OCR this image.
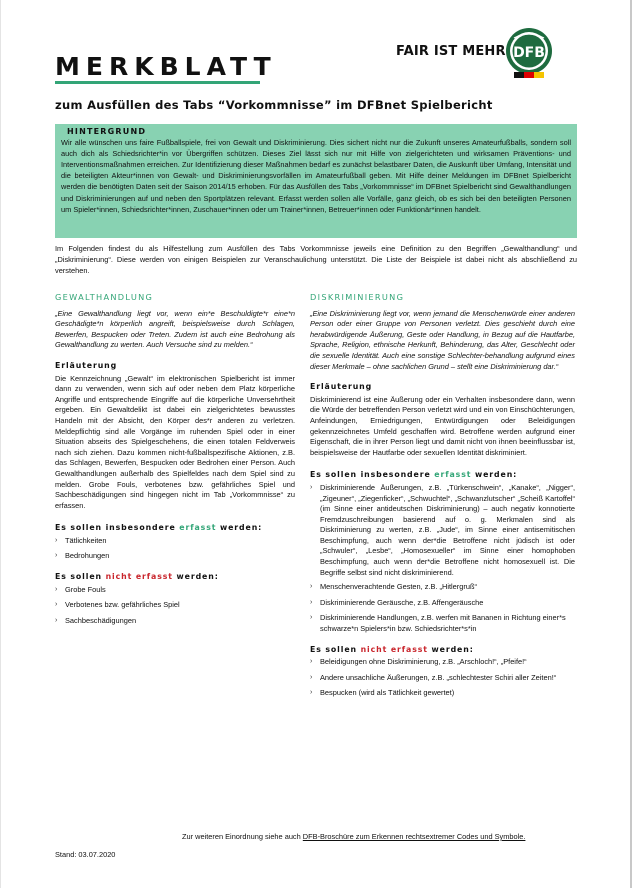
MERKBLATT
zum Ausfüllen des Tabs “Vorkommnisse” im DFBnet Spielbericht
FAIR IST MEHR DFB
HINTERGRUND
Wir alle wünschen uns faire Fußballspiele, frei von Gewalt und Diskriminierung. Dies sichert nicht nur die Zukunft unseres Amateurfußballs, sondern soll auch dich als Schiedsrichter*in vor Übergriffen schützen. Dieses Ziel lässt sich nur mit Hilfe von zielgerichteten und wirksamen Präventions- und Interventionsmaßnahmen erreichen. Zur Identifizierung dieser Maßnahmen bedarf es zunächst belastbarer Daten, die Auskunft über Umfang, Intensität und die beteiligten Akteur*innen von Gewalt- und Diskriminierungsvorfällen im Amateurfußball geben. Mit Hilfe deiner Meldungen im DFBnet Spielbericht werden die benötigten Daten seit der Saison 2014/15 erhoben. Für das Ausfüllen des Tabs „Vorkommnisse“ im DFBnet Spielbericht sind Gewalthandlungen und Diskriminierungen auf und neben den Sportplätzen relevant. Erfasst werden sollen alle Vorfälle, ganz gleich, ob es sich bei den beteiligten Personen um Spieler*innen, Schiedsrichter*innen, Zuschauer*innen oder um Trainer*innen, Betreuer*innen oder Funktionär*innen handelt.
Im Folgenden findest du als Hilfestellung zum Ausfüllen des Tabs Vorkommnisse jeweils eine Definition zu den Begriffen „Gewalthandlung“ und „Diskriminierung“. Diese werden von einigen Beispielen zur Veranschaulichung unterstützt. Die Liste der Beispiele ist dabei nicht als abschließend zu verstehen.
GEWALTHANDLUNG
„Eine Gewalthandlung liegt vor, wenn ein*e Beschuldigte*r eine*n Geschädigte*n körperlich angreift, beispielsweise durch Schlagen, Bewerfen, Bespucken oder Treten. Zudem ist auch eine Bedrohung als Gewalthandlung zu werten. Auch Versuche sind zu melden.“
Erläuterung
Die Kennzeichnung „Gewalt“ im elektronischen Spielbericht ist immer dann zu verwenden, wenn sich auf oder neben dem Platz körperliche Angriffe und entsprechende Eingriffe auf die körperliche Unversehrtheit ergeben. Ein Gewaltdelikt ist dabei ein zielgerichtetes bewusstes Handeln mit der Absicht, den Körper des*r anderen zu verletzen. Meldepflichtig sind alle Vorgänge im ruhenden Spiel oder in einer Situation abseits des Spielgeschehens, die einen totalen Feldverweis nach sich ziehen. Dazu kommen nicht-fußballspezifische Aktionen, z.B. das Schlagen, Bewerfen, Bespucken oder Bedrohen einer Person. Auch Gewalthandlungen außerhalb des Spielfeldes nach dem Spiel sind zu melden. Grobe Fouls, verbotenes bzw. gefährliches Spiel und Sachbeschädigungen sind hingegen nicht im Tab „Vorkommnisse“ zu erfassen.
Es sollen insbesondere erfasst werden:
› Tätlichkeiten
› Bedrohungen
Es sollen nicht erfasst werden:
› Grobe Fouls
› Verbotenes bzw. gefährliches Spiel
› Sachbeschädigungen
DISKRIMINIERUNG
„Eine Diskriminierung liegt vor, wenn jemand die Menschenwürde einer anderen Person oder einer Gruppe von Personen verletzt. Dies geschieht durch eine herabwürdigende Äußerung, Geste oder Handlung, in Bezug auf die Hautfarbe, Sprache, Religion, ethnische Herkunft, Behinderung, das Alter, Geschlecht oder die sexuelle Identität. Auch eine sonstige Schlechter-behandlung aufgrund eines dieser Merkmale – ohne sachlichen Grund – stellt eine Diskriminierung dar.“
Erläuterung
Diskriminierend ist eine Äußerung oder ein Verhalten insbesondere dann, wenn die Würde der betreffenden Person verletzt wird und ein von Einschüchterungen, Anfeindungen, Erniedrigungen, Entwürdigungen oder Beleidigungen gekennzeichnetes Umfeld geschaffen wird. Betroffene werden aufgrund einer Eigenschaft, die in ihrer Person liegt und damit nicht von ihnen beeinflussbar ist, beispielsweise der Hautfarbe oder sexuellen Identität diskriminiert.
Es sollen insbesondere erfasst werden:
› Diskriminierende Äußerungen, z.B. „Türkenschwein“, „Kanake“, „Nigger“, „Zigeuner“, „Ziegenficker“, „Schwuchtel“, „Schwanzlutscher“ „Scheiß Kartoffel“ (im Sinne einer antideutschen Diskriminierung) – auch negativ konnotierte Fremdzuschreibungen basierend auf o. g. Merkmalen sind als Diskriminierung zu werten, z.B. „Jude“, im Sinne einer antisemitischen Beschimpfung, auch wenn der*die Betroffene nicht jüdisch ist oder „Schwuler“, „Lesbe“, „Homosexueller“ im Sinne einer homophoben Beschimpfung, auch wenn der*die Betroffene nicht homosexuell ist. Die Begriffe selbst sind nicht diskriminierend.
› Menschenverachtende Gesten, z.B. „Hitlergruß“
› Diskriminierende Geräusche, z.B. Affengeräusche
› Diskriminierende Handlungen, z.B. werfen mit Bananen in Richtung einer*s schwarze*n Spielers*in bzw. Schiedsrichter*s*in
Es sollen nicht erfasst werden:
› Beleidigungen ohne Diskriminierung, z.B. „Arschloch!“, „Pfeife!“
› Andere unsachliche Äußerungen, z.B. „schlechtester Schiri aller Zeiten!“
› Bespucken (wird als Tätlichkeit gewertet)
Zur weiteren Einordnung siehe auch DFB-Broschüre zum Erkennen rechtsextremer Codes und Symbole.
Stand: 03.07.2020
